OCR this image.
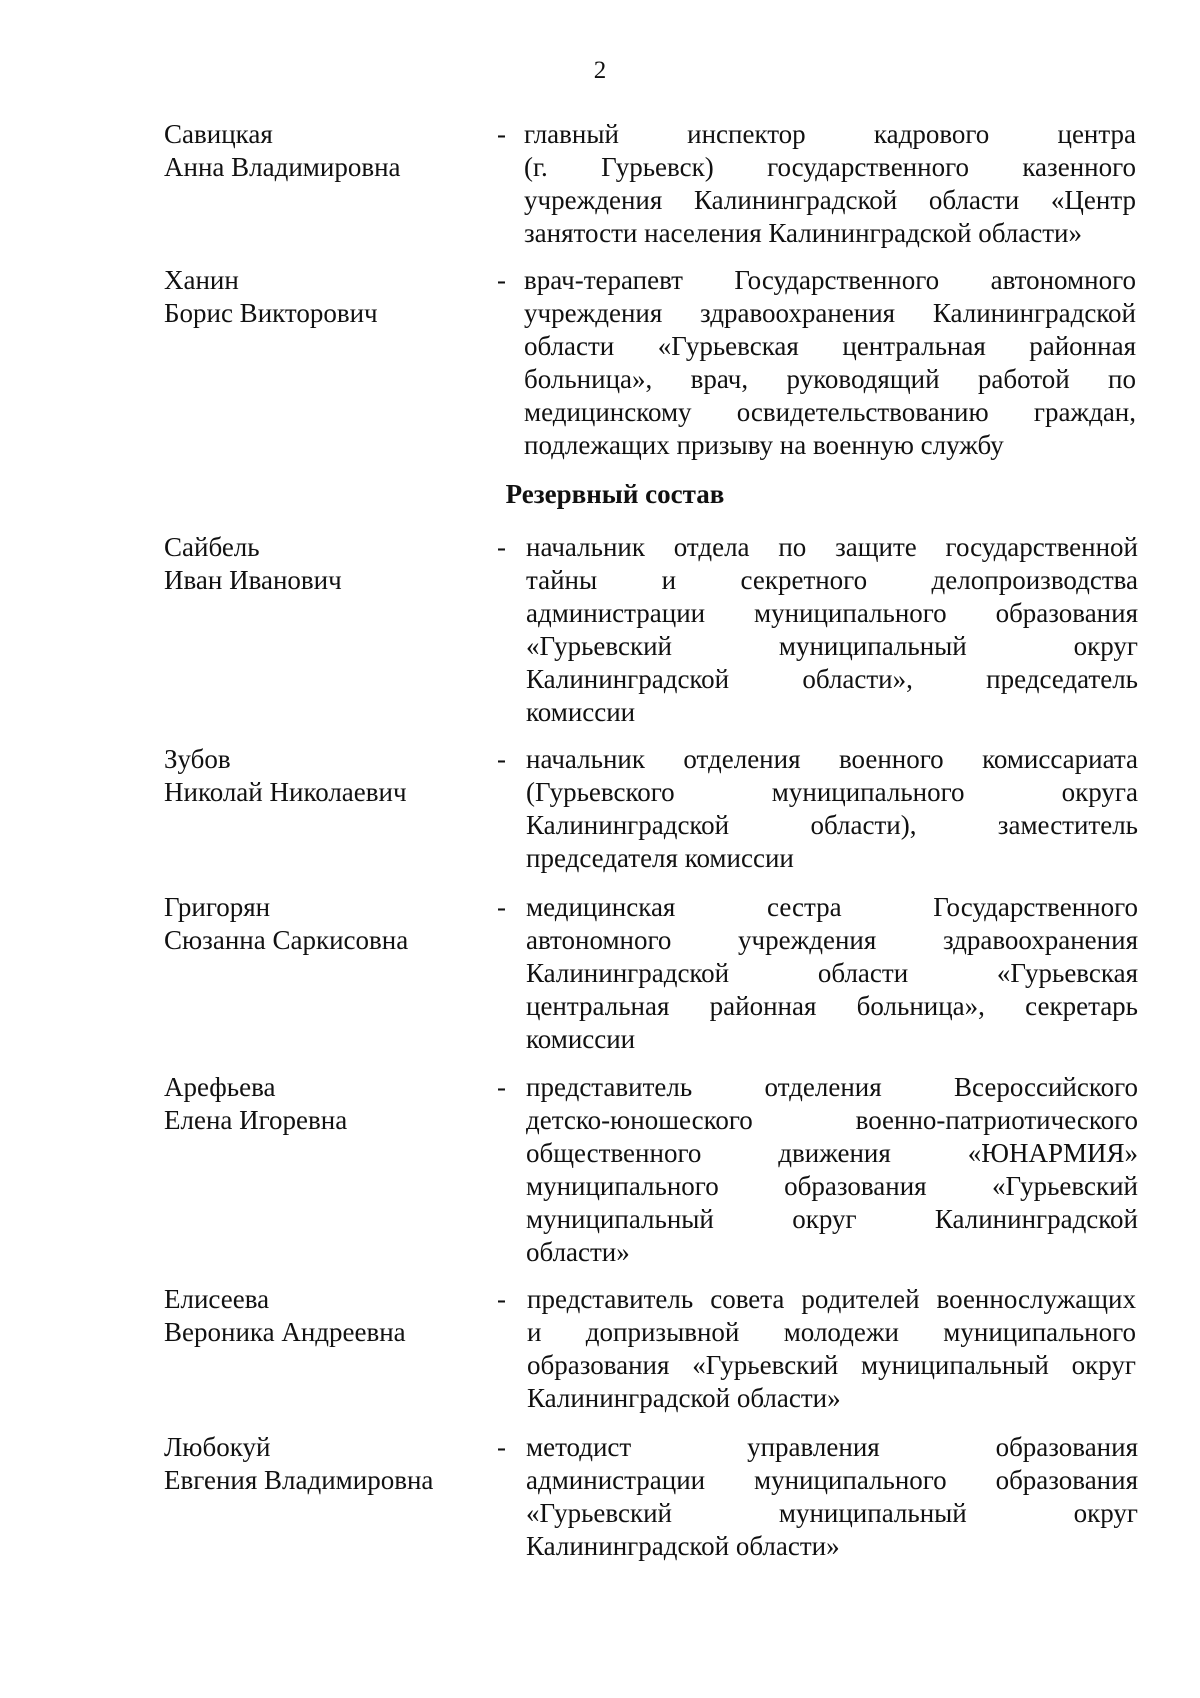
2
Савицкая
Анна Владимировна
- главный инспектор кадрового центра
(г. Гурьевск) государственного казенного
учреждения Калининградской области «Центр
занятости населения Калининградской области»
Ханин
Борис Викторович
- врач-терапевт Государственного автономного
учреждения здравоохранения Калининградской
области «Гурьевская центральная районная
больница», врач, руководящий работой по
медицинскому освидетельствованию граждан,
подлежащих призыву на военную службу
Резервный состав
Сайбель
Иван Иванович
- начальник отдела по защите государственной
тайны и секретного делопроизводства
администрации муниципального образования
«Гурьевский муниципальный округ
Калининградской области», председатель
комиссии
Зубов
Николай Николаевич
- начальник отделения военного комиссариата
(Гурьевского муниципального округа
Калининградской области), заместитель
председателя комиссии
Григорян
Сюзанна Саркисовна
- медицинская сестра Государственного
автономного учреждения здравоохранения
Калининградской области «Гурьевская
центральная районная больница», секретарь
комиссии
Арефьева
Елена Игоревна
- представитель отделения Всероссийского
детско-юношеского военно-патриотического
общественного движения «ЮНАРМИЯ»
муниципального образования «Гурьевский
муниципальный округ Калининградской
области»
Елисеева
Вероника Андреевна
- представитель совета родителей военнослужащих
и допризывной молодежи муниципального
образования «Гурьевский муниципальный округ
Калининградской области»
Любокуй
Евгения Владимировна
- методист управления образования
администрации муниципального образования
«Гурьевский муниципальный округ
Калининградской области»
